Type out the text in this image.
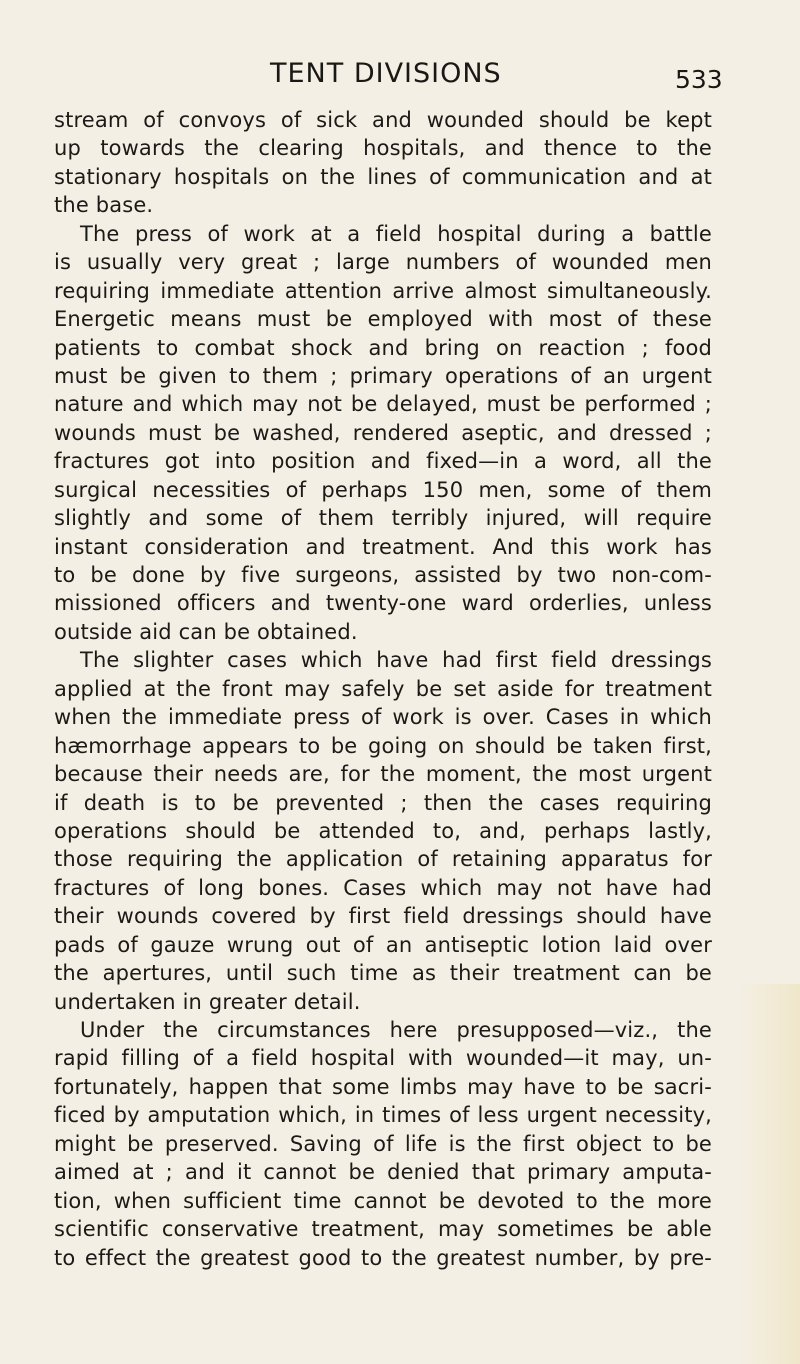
TENT DIVISIONS	533
stream of convoys of sick and wounded should be kept
up towards the clearing hospitals, and thence to the
stationary hospitals on the lines of communication and at
the base.
The press of work at a field hospital during a battle
is usually very great ; large numbers of wounded men
requiring immediate attention arrive almost simultaneously.
Energetic means must be employed with most of these
patients to combat shock and bring on reaction ; food
must be given to them ; primary operations of an urgent
nature and which may not be delayed, must be performed ;
wounds must be washed, rendered aseptic, and dressed ;
fractures got into position and fixed—in a word, all the
surgical necessities of perhaps 150 men, some of them
slightly and some of them terribly injured, will require
instant consideration and treatment. And this work has
to be done by five surgeons, assisted by two non-com-
missioned officers and twenty-one ward orderlies, unless
outside aid can be obtained.
The slighter cases which have had first field dressings
applied at the front may safely be set aside for treatment
when the immediate press of work is over. Cases in which
hæmorrhage appears to be going on should be taken first,
because their needs are, for the moment, the most urgent
if death is to be prevented ; then the cases requiring
operations should be attended to, and, perhaps lastly,
those requiring the application of retaining apparatus for
fractures of long bones. Cases which may not have had
their wounds covered by first field dressings should have
pads of gauze wrung out of an antiseptic lotion laid over
the apertures, until such time as their treatment can be
undertaken in greater detail.
Under the circumstances here presupposed—viz., the
rapid filling of a field hospital with wounded—it may, un-
fortunately, happen that some limbs may have to be sacri-
ficed by amputation which, in times of less urgent necessity,
might be preserved. Saving of life is the first object to be
aimed at ; and it cannot be denied that primary amputa-
tion, when sufficient time cannot be devoted to the more
scientific conservative treatment, may sometimes be able
to effect the greatest good to the greatest number, by pre-
